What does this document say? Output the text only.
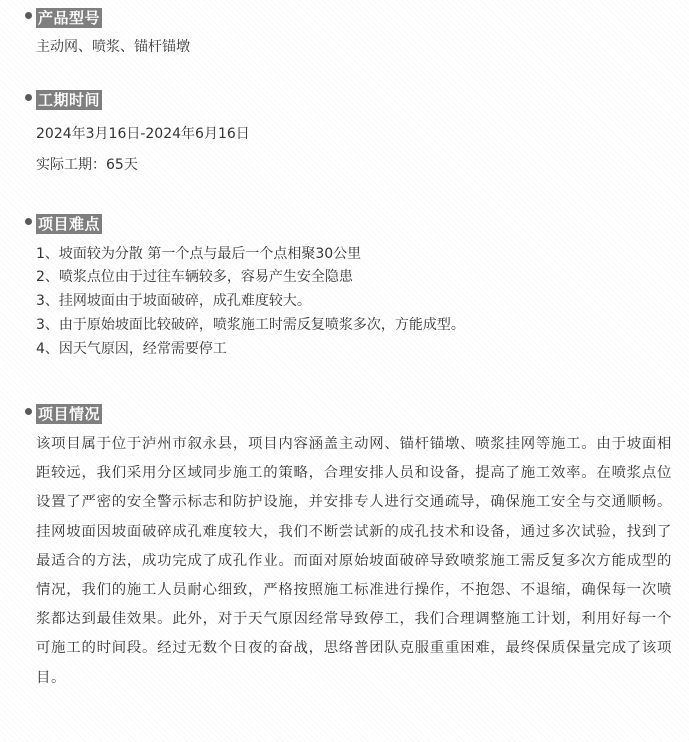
产品型号
主动网、喷浆、锚杆锚墩
工期时间
2024年3月16日-2024年6月16日
实际工期：65天
项目难点
1、坡面较为分散 第一个点与最后一个点相聚30公里
2、喷浆点位由于过往车辆较多，容易产生安全隐患
3、挂网坡面由于坡面破碎，成孔难度较大。
3、由于原始坡面比较破碎，喷浆施工时需反复喷浆多次，方能成型。
4、因天气原因，经常需要停工
项目情况
该项目属于位于泸州市叙永县，项目内容涵盖主动网、锚杆锚墩、喷浆挂网等施工。由于坡面相距较远，我们采用分区域同步施工的策略，合理安排人员和设备，提高了施工效率。在喷浆点位设置了严密的安全警示标志和防护设施，并安排专人进行交通疏导，确保施工安全与交通顺畅。挂网坡面因坡面破碎成孔难度较大，我们不断尝试新的成孔技术和设备，通过多次试验，找到了最适合的方法，成功完成了成孔作业。而面对原始坡面破碎导致喷浆施工需反复多次方能成型的情况，我们的施工人员耐心细致，严格按照施工标准进行操作，不抱怨、不退缩，确保每一次喷浆都达到最佳效果。此外，对于天气原因经常导致停工，我们合理调整施工计划，利用好每一个可施工的时间段。经过无数个日夜的奋战，思络普团队克服重重困难，最终保质保量完成了该项目。
